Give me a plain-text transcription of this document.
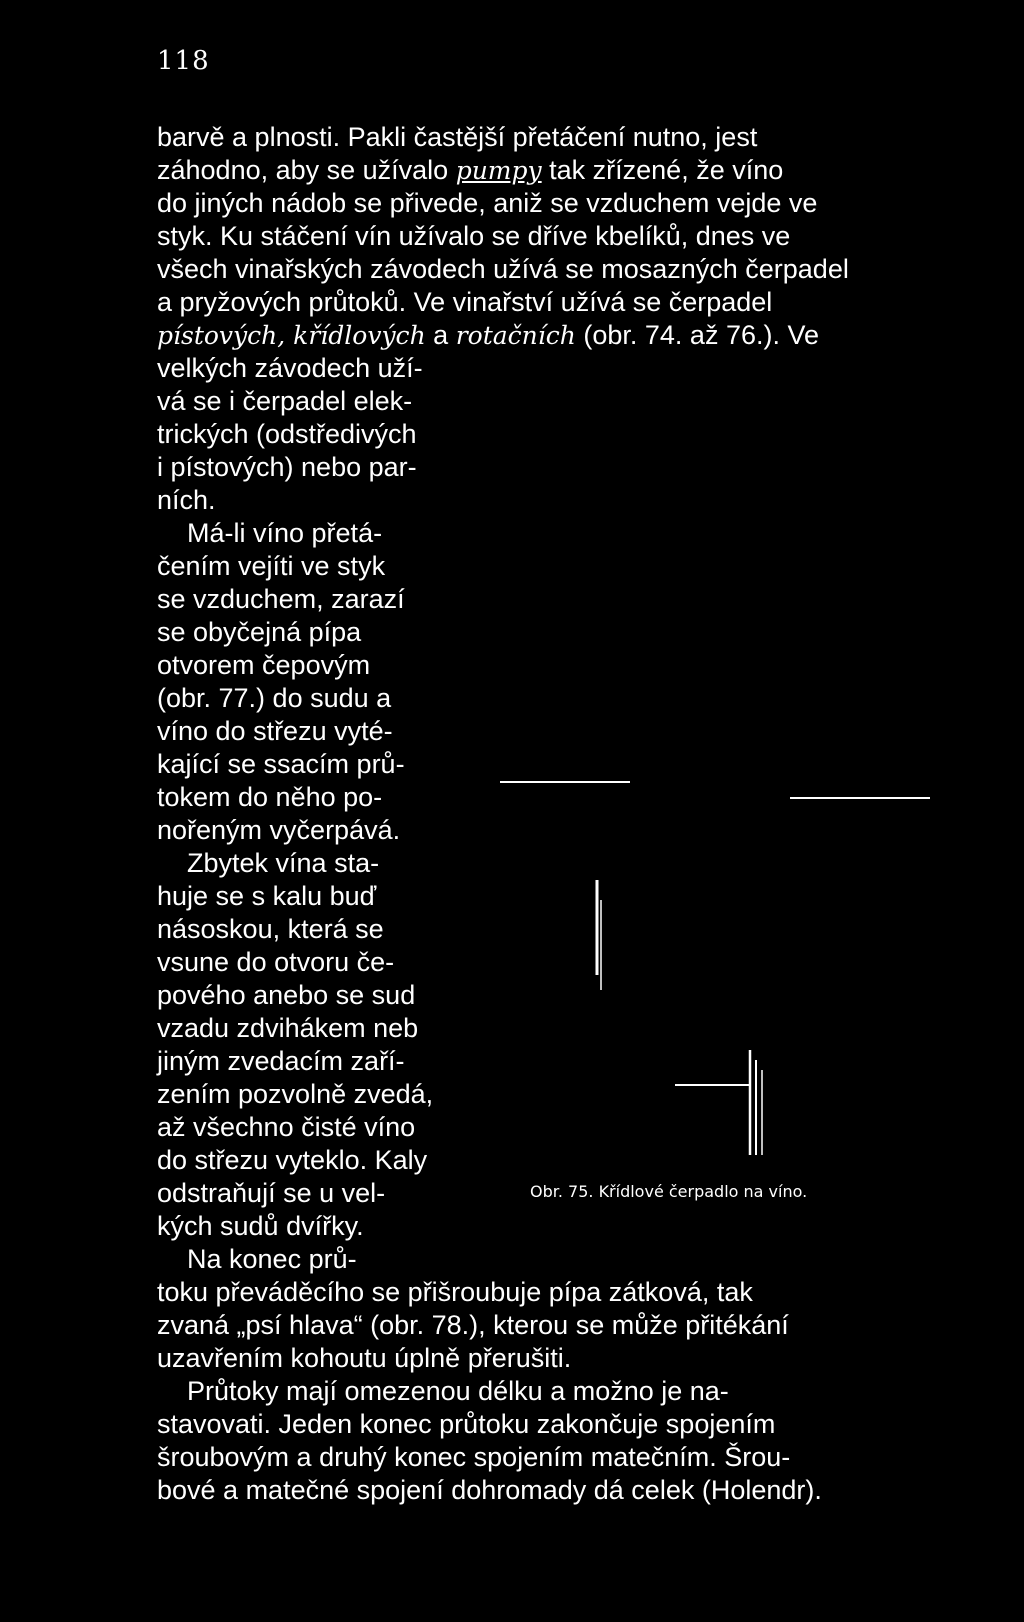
118
barvě a plnosti. Pakli častější přetáčení nutno, jest
záhodno, aby se užívalo pumpy tak zřízené, že víno
do jiných nádob se přivede, aniž se vzduchem vejde ve
styk. Ku stáčení vín užívalo se dříve kbelíků, dnes ve
všech vinařských závodech užívá se mosazných čerpadel
a pryžových průtoků. Ve vinařství užívá se čerpadel
pístových, křídlových a rotačních (obr. 74. až 76.). Ve
velkých závodech uží-
vá se i čerpadel elek-
trických (odstředivých
i pístových) nebo par-
ních.
Má-li víno přetá-
čením vejíti ve styk
se vzduchem, zarazí
se obyčejná pípa
otvorem čepovým
(obr. 77.) do sudu a
víno do střezu vyté-
kající se ssacím prů-
tokem do něho po-
nořeným vyčerpává.
Zbytek vína sta-
huje se s kalu buď
násoskou, která se
vsune do otvoru če-
pového anebo se sud
vzadu zdvihákem neb
jiným zvedacím zaří-
zením pozvolně zvedá,
až všechno čisté víno
do střezu vyteklo. Kaly
odstraňují se u vel-
kých sudů dvířky.
Na konec prů-
toku převáděcího se přišroubuje pípa zátková, tak
zvaná „psí hlava“ (obr. 78.), kterou se může přitékání
uzavřením kohoutu úplně přerušiti.
Průtoky mají omezenou délku a možno je na-
stavovati. Jeden konec průtoku zakončuje spojením
šroubovým a druhý konec spojením matečním. Šrou-
bové a matečné spojení dohromady dá celek (Holendr).
Obr. 75. Křídlové čerpadlo na víno.
